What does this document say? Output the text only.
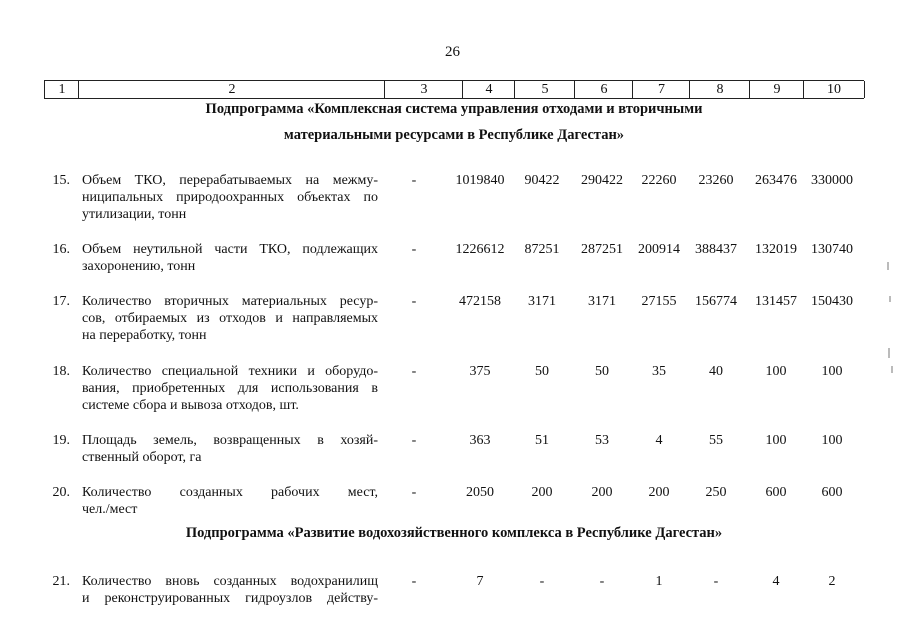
26
1	2	3	4	5	6	7	8	9	10
Подпрограмма «Комплексная система управления отходами и вторичными
материальными ресурсами в Республике Дагестан»
15. Объем ТКО, перерабатываемых на межму-
ниципальных природоохранных объектах по
утилизации, тонн
-	1019840	90422	290422	22260	23260	263476	330000
16. Объем неутильной части ТКО, подлежащих
захоронению, тонн
-	1226612	87251	287251	200914	388437	132019	130740
17. Количество вторичных материальных ресур-
сов, отбираемых из отходов и направляемых
на переработку, тонн
-	472158	3171	3171	27155	156774	131457	150430
18. Количество специальной техники и оборудо-
вания, приобретенных для использования в
системе сбора и вывоза отходов, шт.
-	375	50	50	35	40	100	100
19. Площадь земель, возвращенных в хозяй-
ственный оборот, га
-	363	51	53	4	55	100	100
20. Количество созданных рабочих мест,
чел./мест
-	2050	200	200	200	250	600	600
Подпрограмма «Развитие водохозяйственного комплекса в Республике Дагестан»
21. Количество вновь созданных водохранилищ
и реконструированных гидроузлов действу-
-	7	-	-	1	-	4	2
